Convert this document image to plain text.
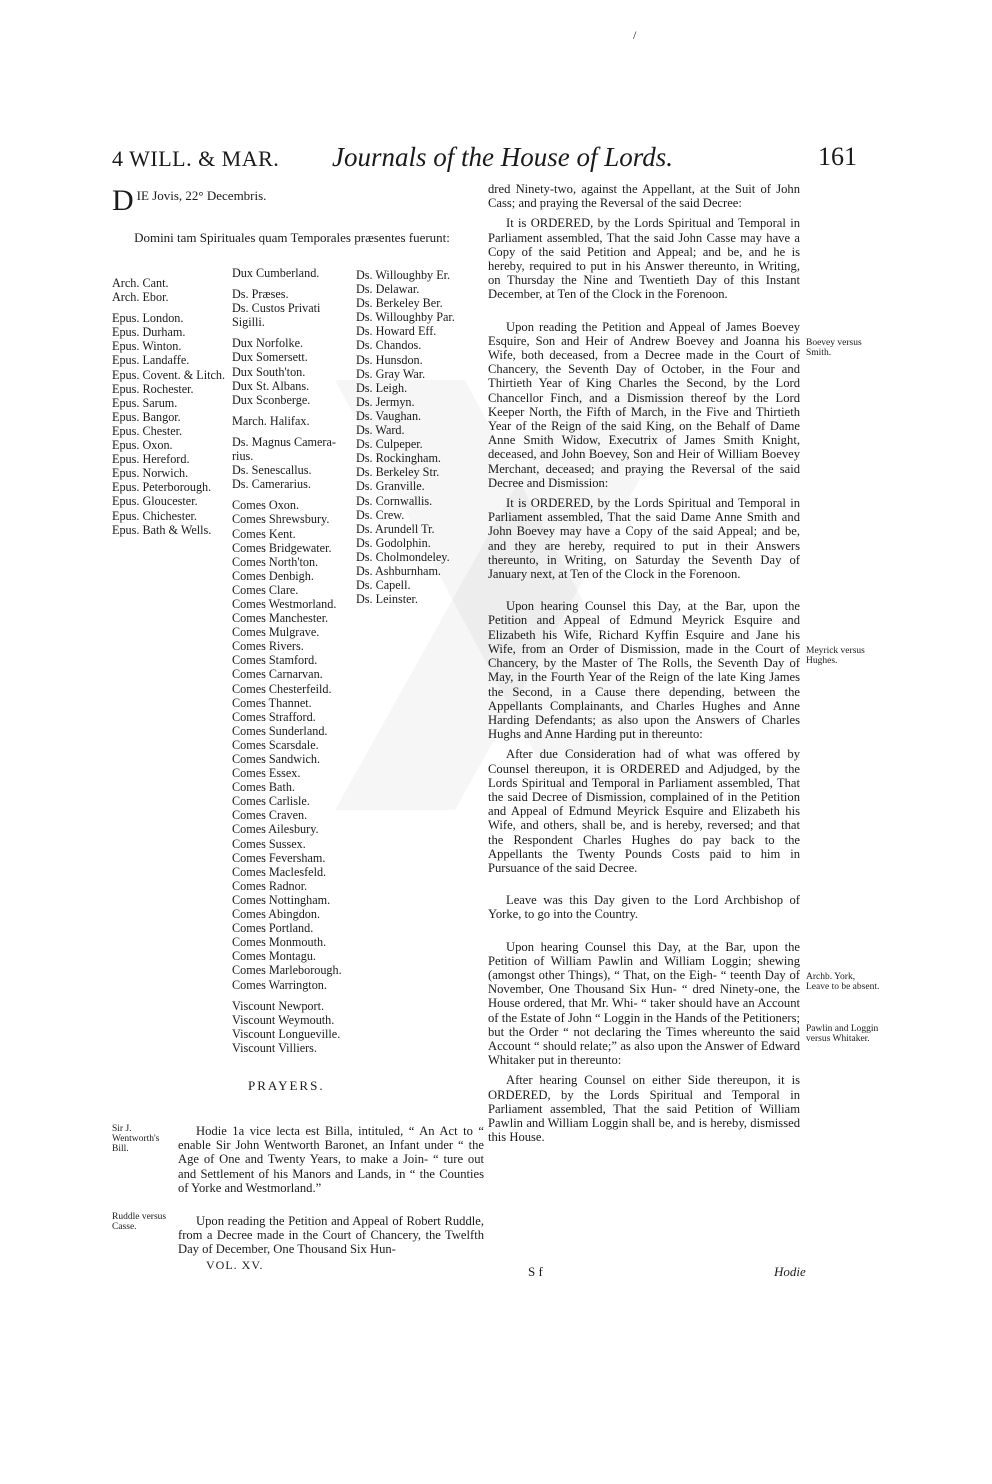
/
4 WILL. & MAR. Journals of the House of Lords.	161
D IE Jovis, 22° Decembris.

Domini tam Spirituales quam Temporales præsentes fuerunt:

Arch. Cant.
Arch. Ebor.

Epus. London.
Epus. Durham.
Epus. Winton.
Epus. Landaffe.
Epus. Covent. & Litch.
Epus. Rochester.
Epus. Sarum.
Epus. Bangor.
Epus. Chester.
Epus. Oxon.
Epus. Hereford.
Epus. Norwich.
Epus. Peterborough.
Epus. Gloucester.
Epus. Chichester.
Epus. Bath & Wells.
Dux Cumberland.

Ds. Præses.
Ds. Custos Privati
Sigilli.

Dux Norfolke.
Dux Somersett.
Dux South'ton.
Dux St. Albans.
Dux Sconberge.

March. Halifax.

Ds. Magnus Camera-
rius.
Ds. Senescallus.
Ds. Camerarius.

Comes Oxon.
Comes Shrewsbury.
Comes Kent.
Comes Bridgewater.
Comes North'ton.
Comes Denbigh.
Comes Clare.
Comes Westmorland.
Comes Manchester.
Comes Mulgrave.
Comes Rivers.
Comes Stamford.
Comes Carnarvan.
Comes Chesterfeild.
Comes Thannet.
Comes Strafford.
Comes Sunderland.
Comes Scarsdale.
Comes Sandwich.
Comes Essex.
Comes Bath.
Comes Carlisle.
Comes Craven.
Comes Ailesbury.
Comes Sussex.
Comes Feversham.
Comes Maclesfeld.
Comes Radnor.
Comes Nottingham.
Comes Abingdon.
Comes Portland.
Comes Monmouth.
Comes Montagu.
Comes Marleborough.
Comes Warrington.

Viscount Newport.
Viscount Weymouth.
Viscount Longueville.
Viscount Villiers.
Ds. Willoughby Er.
Ds. Delawar.
Ds. Berkeley Ber.
Ds. Willoughby Par.
Ds. Howard Eff.
Ds. Chandos.
Ds. Hunsdon.
Ds. Gray War.
Ds. Leigh.
Ds. Jermyn.
Ds. Vaughan.
Ds. Ward.
Ds. Culpeper.
Ds. Rockingham.
Ds. Berkeley Str.
Ds. Granville.
Ds. Cornwallis.
Ds. Crew.
Ds. Arundell Tr.
Ds. Godolphin.
Ds. Cholmondeley.
Ds. Ashburnham.
Ds. Capell.
Ds. Leinster.
PRAYERS.
Sir J. Wentworth's Bill.

Hodie 1a vice lecta est Billa, intituled, “ An Act to “ enable Sir John Wentworth Baronet, an Infant under “ the Age of One and Twenty Years, to make a Join- “ ture out and Settlement of his Manors and Lands, in “ the Counties of Yorke and Westmorland.”

Ruddle versus Casse.	Upon reading the Petition and Appeal of Robert Ruddle, from a Decree made in the Court of Chancery, the Twelfth Day of December, One Thousand Six Hun-

dred Ninety-two, against the Appellant, at the Suit of John Cass; and praying the Reversal of the said Decree:

It is ORDERED, by the Lords Spiritual and Temporal in Parliament assembled, That the said John Casse may have a Copy of the said Petition and Appeal; and be, and he is hereby, required to put in his Answer thereunto, in Writing, on Thursday the Nine and Twentieth Day of this Instant December, at Ten of the Clock in the Forenoon.

Upon reading the Petition and Appeal of James Boevey Esquire, Son and Heir of Andrew Boevey and Joanna his Wife, both deceased, from a Decree made in the Court of Chancery, the Seventh Day of October, in the Four and Thirtieth Year of King Charles the Second, by the Lord Chancellor Finch, and a Dismission thereof by the Lord Keeper North, the Fifth of March, in the Five and Thirtieth Year of the Reign of the said King, on the Behalf of Dame Anne Smith Widow, Executrix of James Smith Knight, deceased, and John Boevey, Son and Heir of William Boevey Merchant, deceased; and praying the Reversal of the said Decree and Dismission:

It is ORDERED, by the Lords Spiritual and Temporal in Parliament assembled, That the said Dame Anne Smith and John Boevey may have a Copy of the said Appeal; and be, and they are hereby, required to put in their Answers thereunto, in Writing, on Saturday the Seventh Day of January next, at Ten of the Clock in the Forenoon.

Upon hearing Counsel this Day, at the Bar, upon the Petition and Appeal of Edmund Meyrick Esquire and Elizabeth his Wife, Richard Kyffin Esquire and Jane his Wife, from an Order of Dismission, made in the Court of Chancery, by the Master of The Rolls, the Seventh Day of May, in the Fourth Year of the Reign of the late King James the Second, in a Cause there depending, between the Appellants Complainants, and Charles Hughes and Anne Harding Defendants; as also upon the Answers of Charles Hughs and Anne Harding put in thereunto:

After due Consideration had of what was offered by Counsel thereupon, it is ORDERED and Adjudged, by the Lords Spiritual and Temporal in Parliament assembled, That the said Decree of Dismission, complained of in the Petition and Appeal of Edmund Meyrick Esquire and Elizabeth his Wife, and others, shall be, and is hereby, reversed; and that the Respondent Charles Hughes do pay back to the Appellants the Twenty Pounds Costs paid to him in Pursuance of the said Decree.

Leave was this Day given to the Lord Archbishop of Yorke, to go into the Country.

Upon hearing Counsel this Day, at the Bar, upon the Petition of William Pawlin and William Loggin; shewing (amongst other Things), “ That, on the Eigh- “ teenth Day of November, One Thousand Six Hun- “ dred Ninety-one, the House ordered, that Mr. Whi- “ taker should have an Account of the Estate of John “ Loggin in the Hands of the Petitioners; but the Order “ not declaring the Times whereunto the said Account “ should relate;” as also upon the Answer of Edward Whitaker put in thereunto:

After hearing Counsel on either Side thereupon, it is ORDERED, by the Lords Spiritual and Temporal in Parliament assembled, That the said Petition of William Pawlin and William Loggin shall be, and is hereby, dismissed this House.

Boevey versus Smith.
Meyrick versus Hughes.
Archb. York, Leave to be absent.
Pawlin and Loggin versus Whitaker.
VOL. XV.	S f	Hodie
